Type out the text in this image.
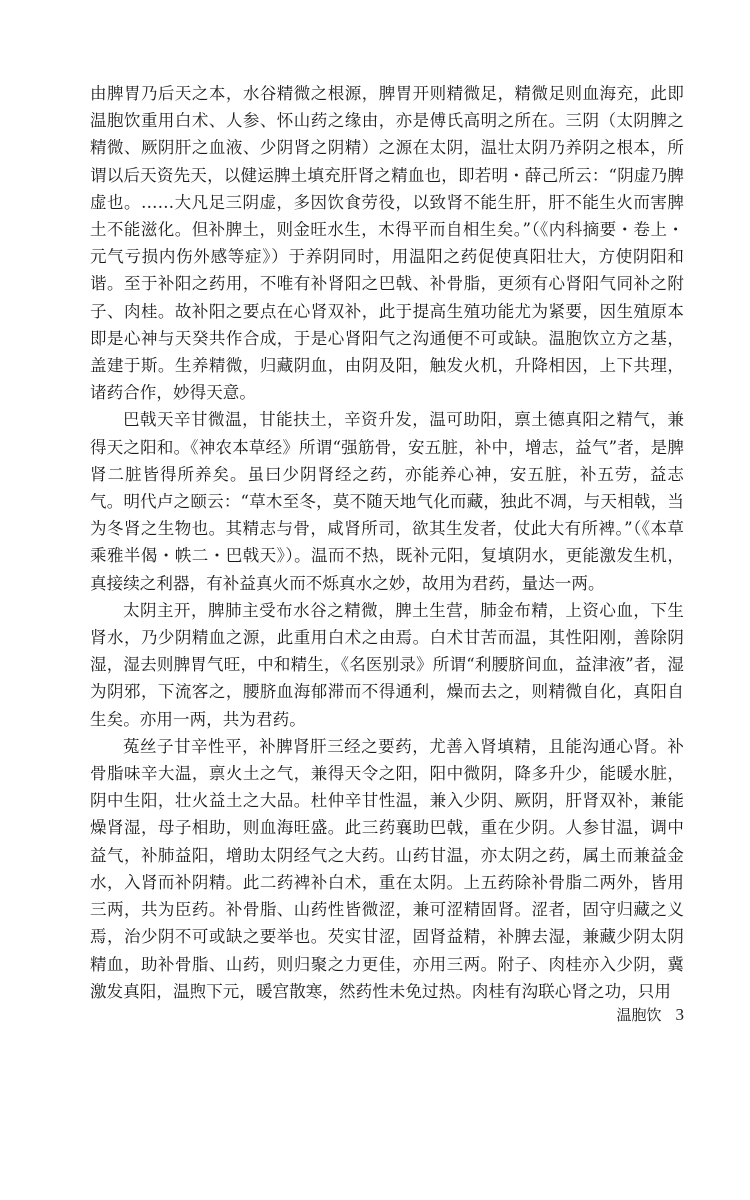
由脾胃乃后天之本，水谷精微之根源，脾胃开则精微足，精微足则血海充，此即温胞饮重用白术、人参、怀山药之缘由，亦是傅氏高明之所在。三阴（太阴脾之精微、厥阴肝之血液、少阴肾之阴精）之源在太阴，温壮太阴乃养阴之根本，所谓以后天资先天，以健运脾土填充肝肾之精血也，即若明・薛己所云：“阴虚乃脾虚也。……大凡足三阴虚，多因饮食劳役，以致肾不能生肝，肝不能生火而害脾土不能滋化。但补脾土，则金旺水生，木得平而自相生矣。”（《内科摘要・卷上・元气亏损内伤外感等症》）于养阴同时，用温阳之药促使真阳壮大，方使阴阳和谐。至于补阳之药用，不唯有补肾阳之巴戟、补骨脂，更须有心肾阳气同补之附子、肉桂。故补阳之要点在心肾双补，此于提高生殖功能尤为紧要，因生殖原本即是心神与天癸共作合成，于是心肾阳气之沟通便不可或缺。温胞饮立方之基，盖建于斯。生养精微，归藏阴血，由阴及阳，触发火机，升降相因，上下共理，诸药合作，妙得天意。

巴戟天辛甘微温，甘能扶土，辛资升发，温可助阳，禀土德真阳之精气，兼得天之阳和。《神农本草经》所谓“强筋骨，安五脏，补中，增志，益气”者，是脾肾二脏皆得所养矣。虽曰少阴肾经之药，亦能养心神，安五脏，补五劳，益志气。明代卢之颐云：“草木至冬，莫不随天地气化而藏，独此不凋，与天相戟，当为冬肾之生物也。其精志与骨，咸肾所司，欲其生发者，仗此大有所裨。”（《本草乘雅半偈・帙二・巴戟天》）。温而不热，既补元阳，复填阴水，更能激发生机，真接续之利器，有补益真火而不烁真水之妙，故用为君药，量达一两。

太阴主开，脾肺主受布水谷之精微，脾土生营，肺金布精，上资心血，下生肾水，乃少阴精血之源，此重用白术之由焉。白术甘苦而温，其性阳刚，善除阴湿，湿去则脾胃气旺，中和精生，《名医别录》所谓“利腰脐间血，益津液”者，湿为阴邪，下流客之，腰脐血海郁滞而不得通利，燥而去之，则精微自化，真阳自生矣。亦用一两，共为君药。

菟丝子甘辛性平，补脾肾肝三经之要药，尤善入肾填精，且能沟通心肾。补骨脂味辛大温，禀火土之气，兼得天令之阳，阳中微阴，降多升少，能暖水脏，阴中生阳，壮火益土之大品。杜仲辛甘性温，兼入少阴、厥阴，肝肾双补，兼能燥肾湿，母子相助，则血海旺盛。此三药襄助巴戟，重在少阴。人参甘温，调中益气，补肺益阳，增助太阴经气之大药。山药甘温，亦太阴之药，属土而兼益金水，入肾而补阴精。此二药裨补白术，重在太阴。上五药除补骨脂二两外，皆用三两，共为臣药。补骨脂、山药性皆微涩，兼可涩精固肾。涩者，固守归藏之义焉，治少阴不可或缺之要举也。芡实甘涩，固肾益精，补脾去湿，兼藏少阴太阴精血，助补骨脂、山药，则归聚之力更佳，亦用三两。附子、肉桂亦入少阴，冀激发真阳，温煦下元，暖宫散寒，然药性未免过热。肉桂有沟联心肾之功，只用

温胞饮 3
